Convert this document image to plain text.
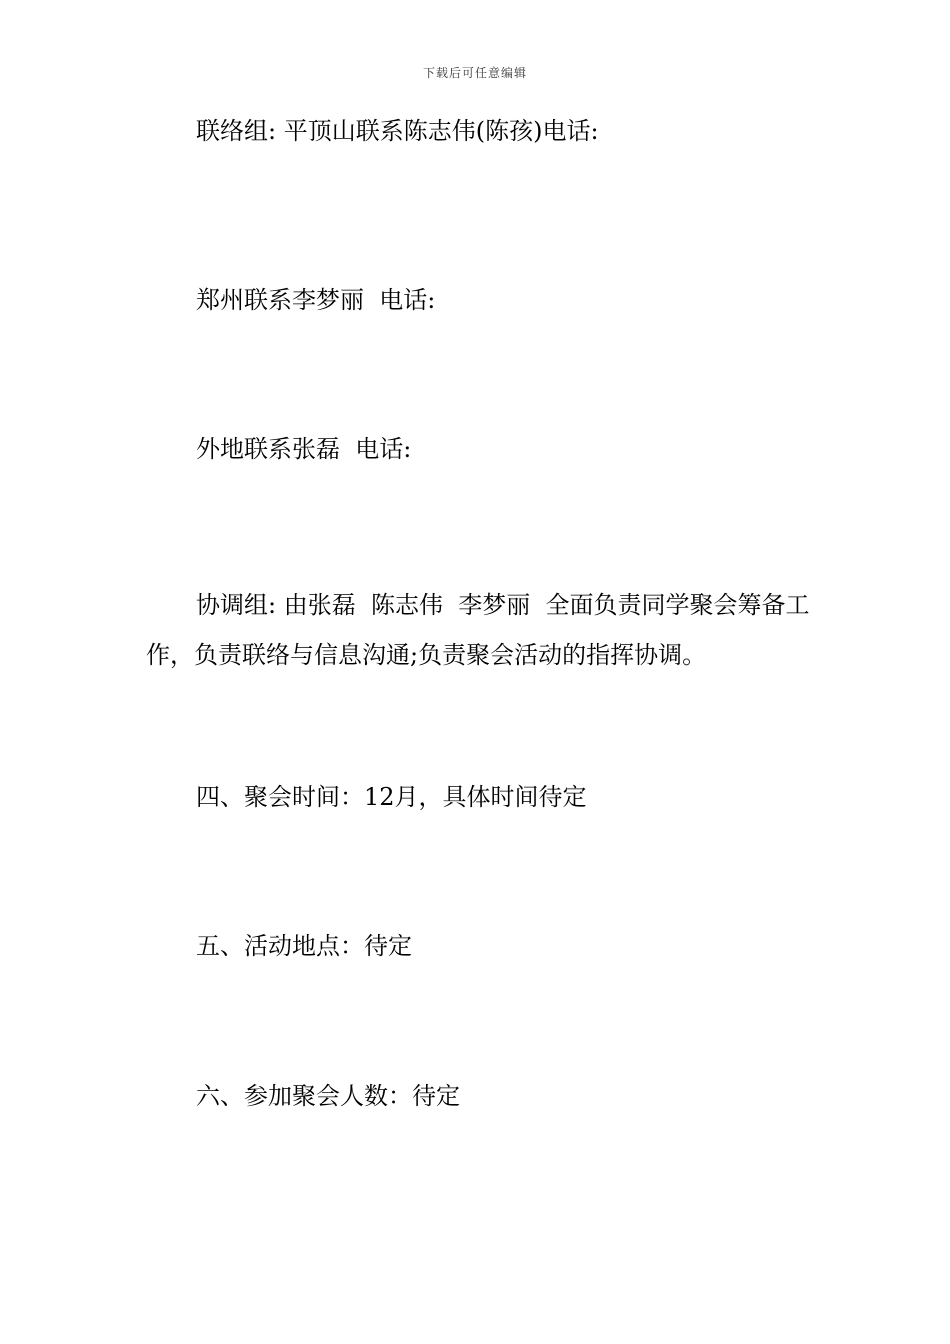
下载后可任意编辑

联络组: 平顶山联系陈志伟(陈孩)电话:

郑州联系李梦丽  电话:

外地联系张磊  电话:

协调组: 由张磊  陈志伟  李梦丽  全面负责同学聚会筹备工作，负责联络与信息沟通;负责聚会活动的指挥协调。

四、聚会时间：12月，具体时间待定

五、活动地点：待定

六、参加聚会人数：待定
